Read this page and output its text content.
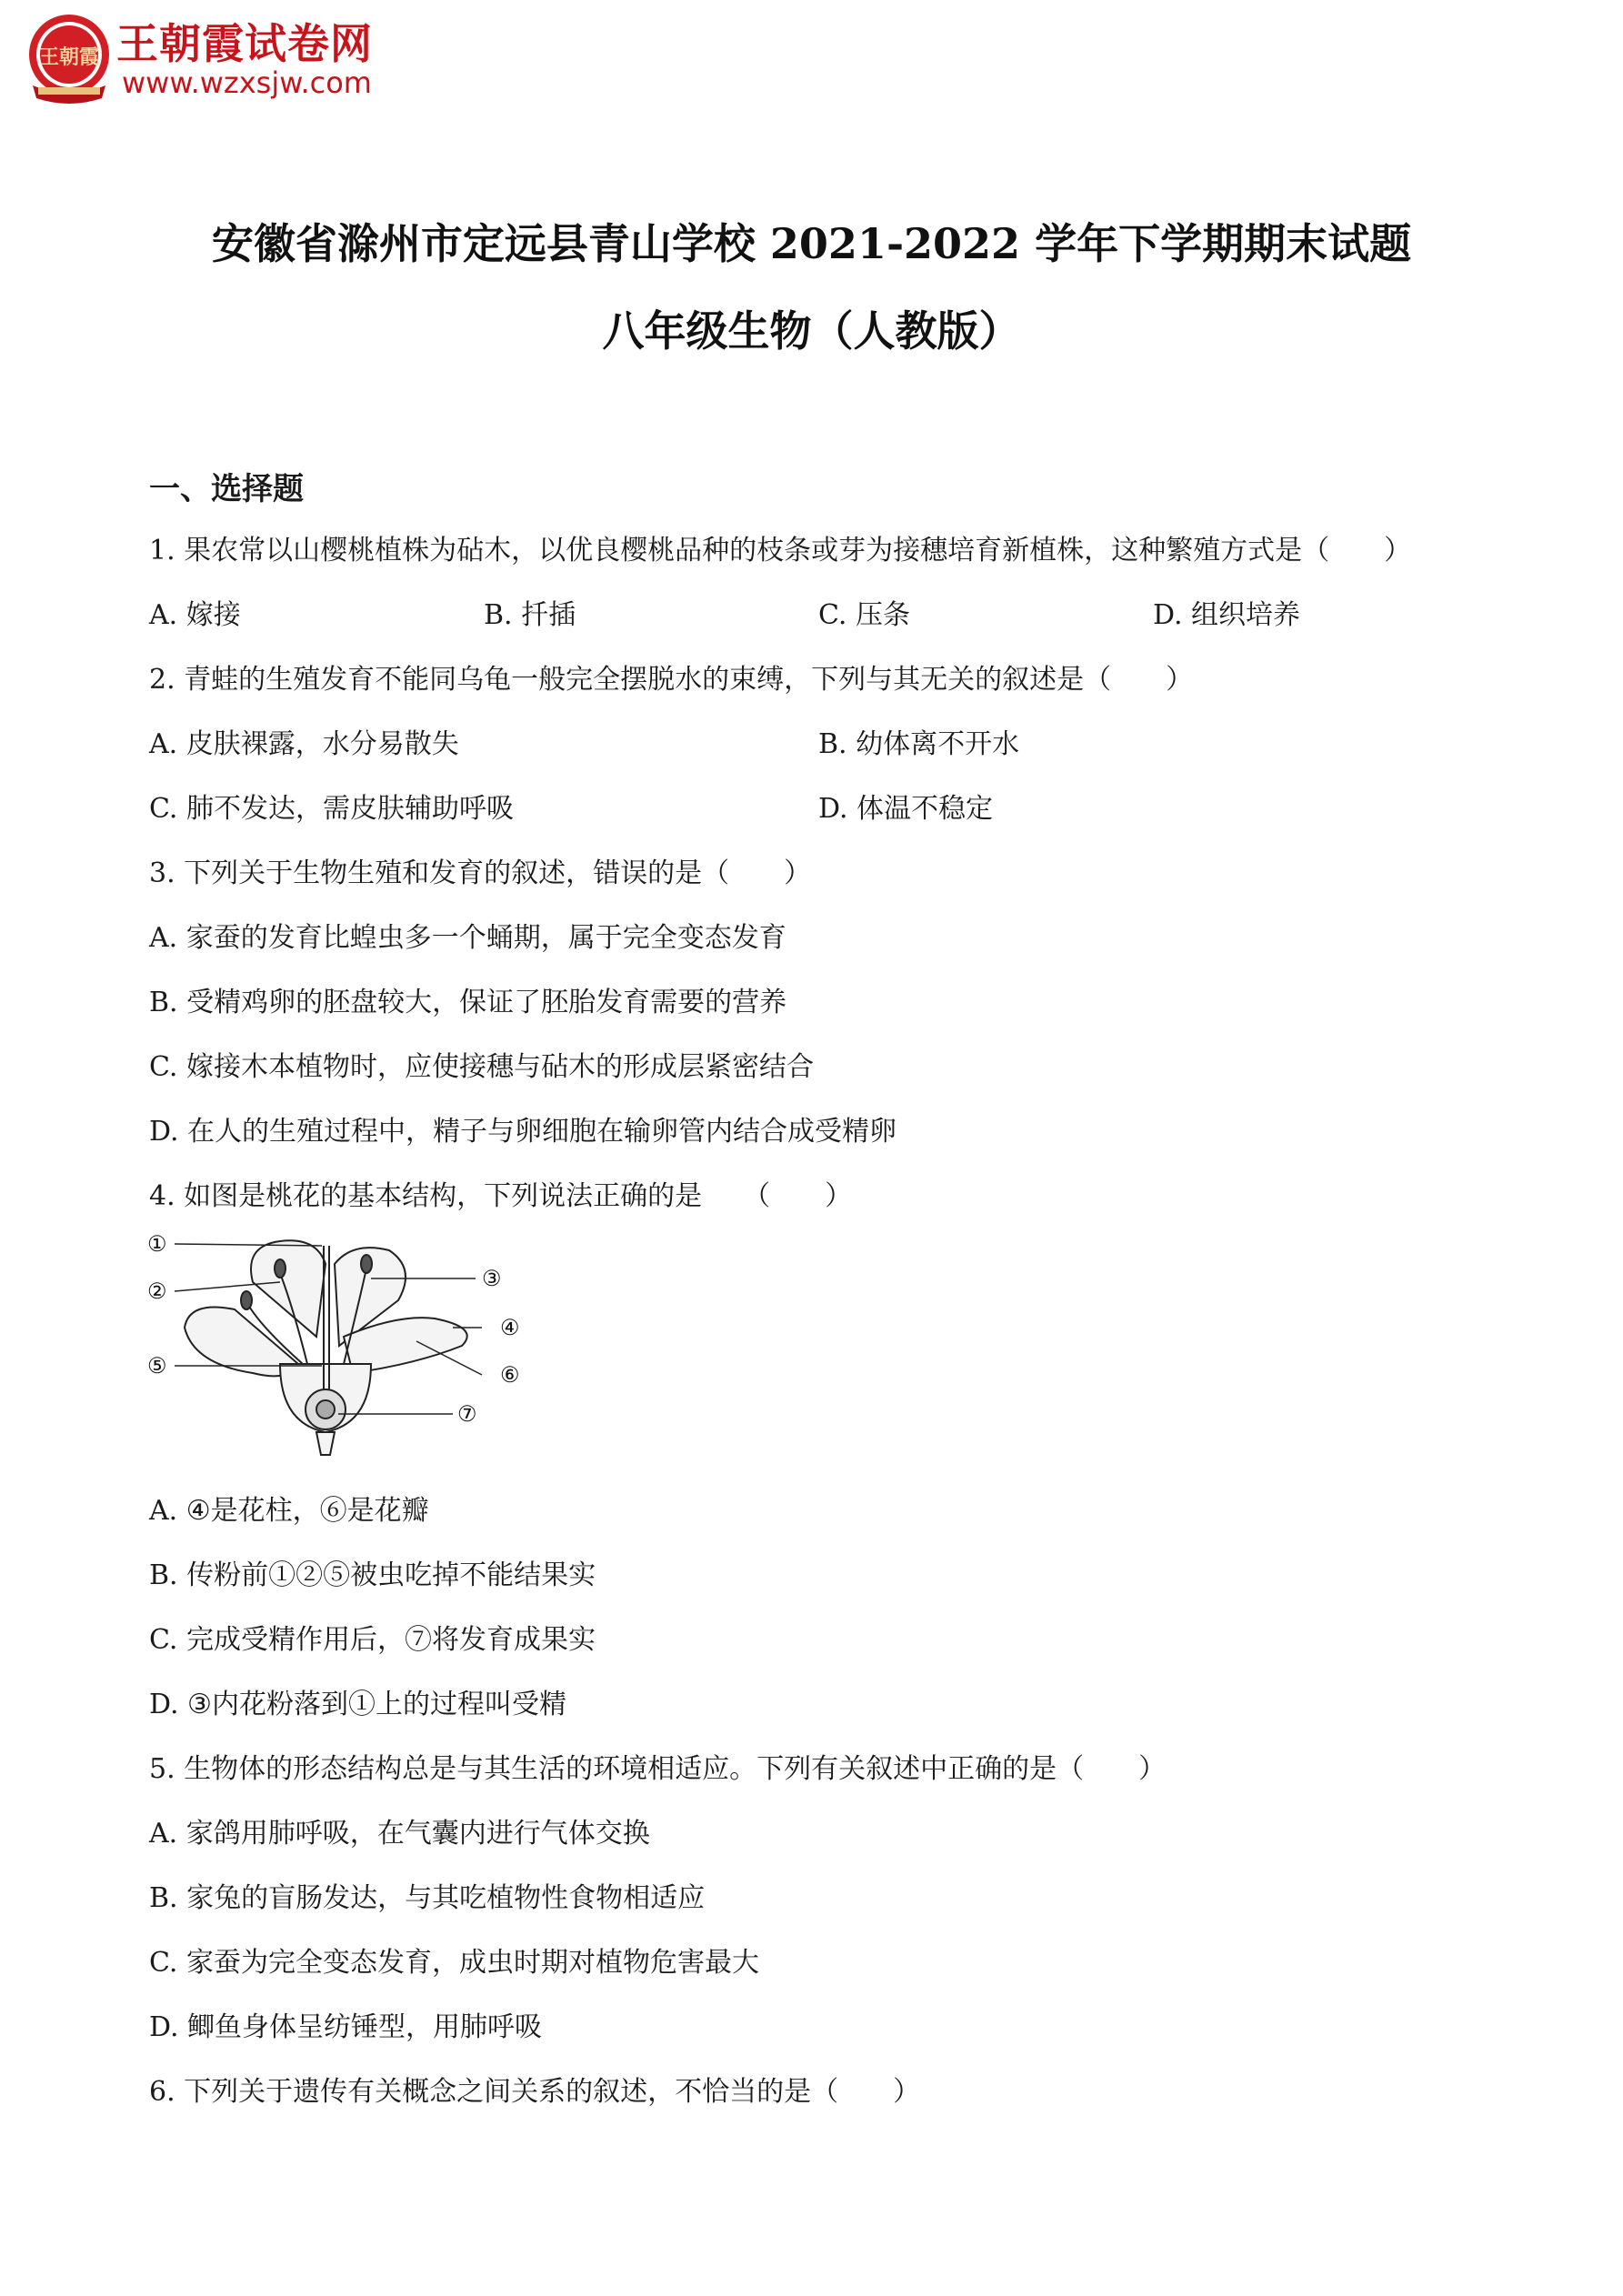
王朝霞 王朝霞试卷网
www.wzxsjw.com
安徽省滁州市定远县青山学校 2021-2022 学年下学期期末试题
八年级生物（人教版）
一、选择题
1. 果农常以山樱桃植株为砧木，以优良樱桃品种的枝条或芽为接穗培育新植株，这种繁殖方式是（　　）
A. 嫁接	B. 扦插	C. 压条	D. 组织培养
2. 青蛙的生殖发育不能同乌龟一般完全摆脱水的束缚，下列与其无关的叙述是（　　）
A. 皮肤裸露，水分易散失	B. 幼体离不开水
C. 肺不发达，需皮肤辅助呼吸	D. 体温不稳定
3. 下列关于生物生殖和发育的叙述，错误的是（　　）
A. 家蚕的发育比蝗虫多一个蛹期，属于完全变态发育
B. 受精鸡卵的胚盘较大，保证了胚胎发育需要的营养
C. 嫁接木本植物时，应使接穗与砧木的形成层紧密结合
D. 在人的生殖过程中，精子与卵细胞在输卵管内结合成受精卵
4. 如图是桃花的基本结构，下列说法正确的是　　（　　）
①
②	③
④
⑤	⑥
⑦
A. ④是花柱，⑥是花瓣
B. 传粉前①②⑤被虫吃掉不能结果实
C. 完成受精作用后，⑦将发育成果实
D. ③内花粉落到①上的过程叫受精
5. 生物体的形态结构总是与其生活的环境相适应。下列有关叙述中正确的是（　　）
A. 家鸽用肺呼吸，在气囊内进行气体交换
B. 家兔的盲肠发达，与其吃植物性食物相适应
C. 家蚕为完全变态发育，成虫时期对植物危害最大
D. 鲫鱼身体呈纺锤型，用肺呼吸
6. 下列关于遗传有关概念之间关系的叙述，不恰当的是（　　）
